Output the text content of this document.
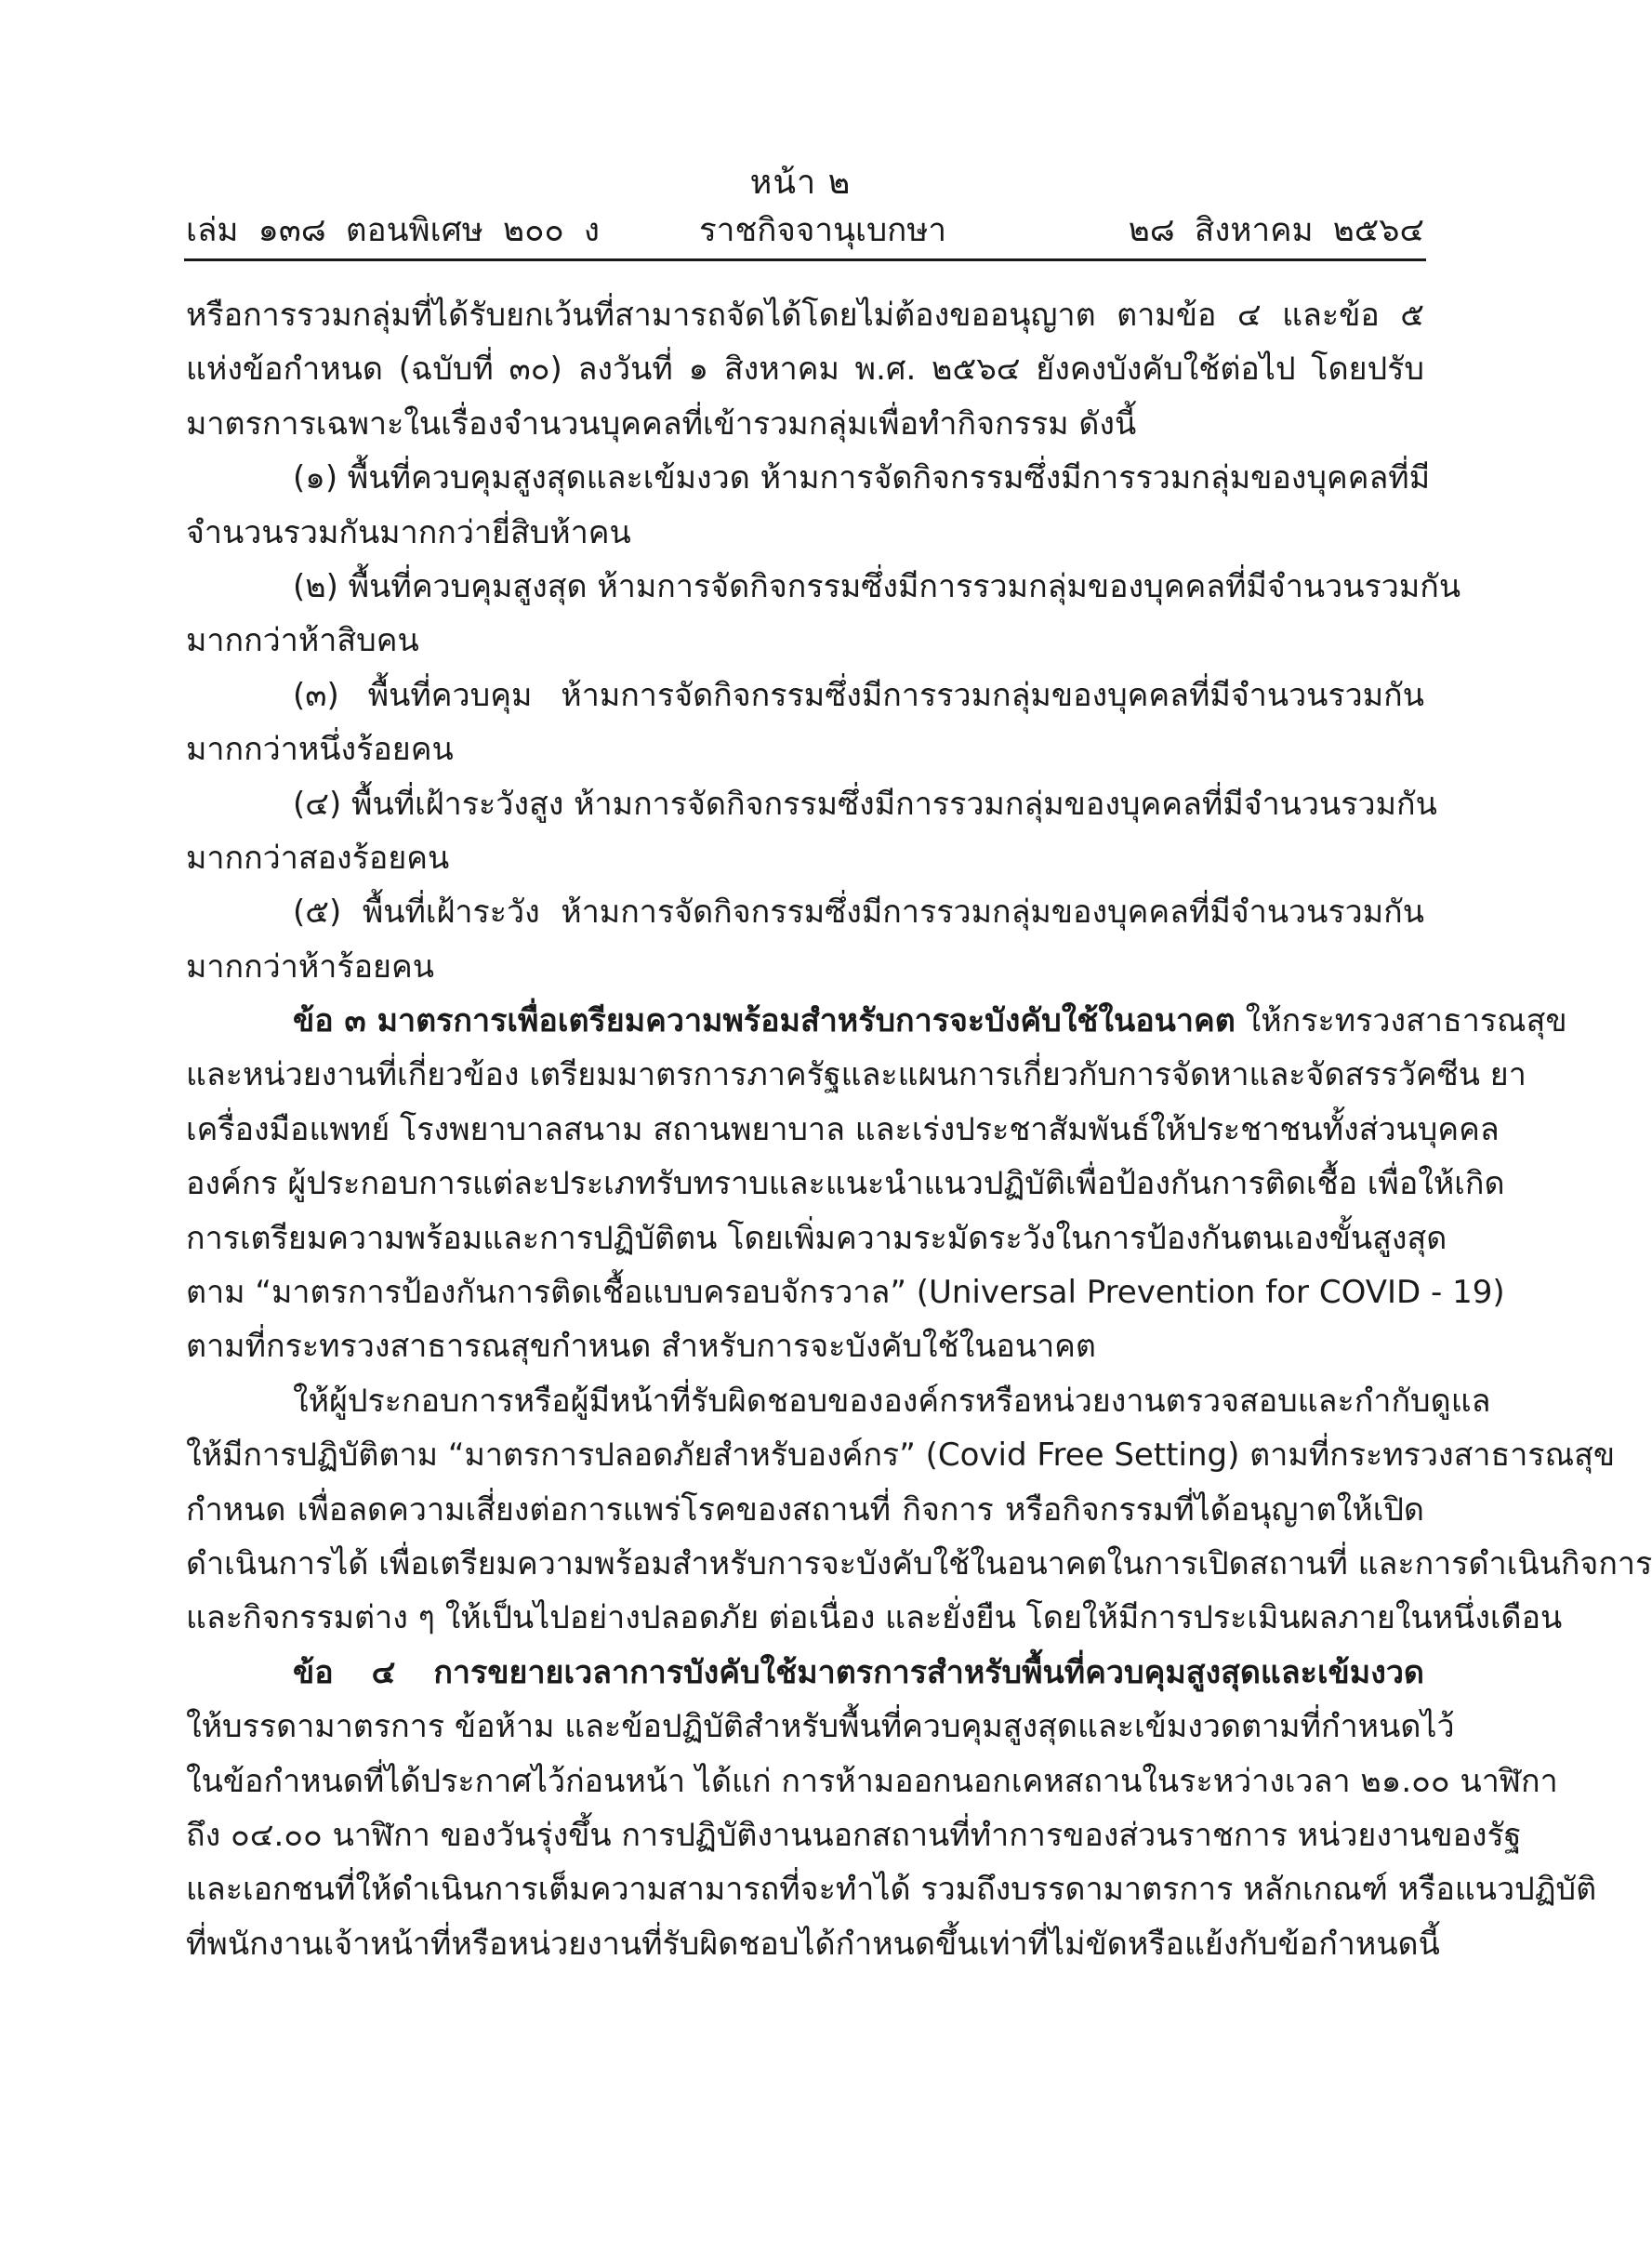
หน้า ๒
เล่ม ๑๓๘ ตอนพิเศษ ๒๐๐ ง	ราชกิจจานุเบกษา	๒๘ สิงหาคม ๒๕๖๔
หรือการรวมกลุ่มที่ได้รับยกเว้นที่สามารถจัดได้โดยไม่ต้องขออนุญาต ตามข้อ ๔ และข้อ ๕
แห่งข้อกำหนด (ฉบับที่ ๓๐) ลงวันที่ ๑ สิงหาคม พ.ศ. ๒๕๖๔ ยังคงบังคับใช้ต่อไป โดยปรับ
มาตรการเฉพาะในเรื่องจำนวนบุคคลที่เข้ารวมกลุ่มเพื่อทำกิจกรรม ดังนี้
(๑) พื้นที่ควบคุมสูงสุดและเข้มงวด ห้ามการจัดกิจกรรมซึ่งมีการรวมกลุ่มของบุคคลที่มี
จำนวนรวมกันมากกว่ายี่สิบห้าคน
(๒) พื้นที่ควบคุมสูงสุด ห้ามการจัดกิจกรรมซึ่งมีการรวมกลุ่มของบุคคลที่มีจำนวนรวมกัน
มากกว่าห้าสิบคน
(๓) พื้นที่ควบคุม ห้ามการจัดกิจกรรมซึ่งมีการรวมกลุ่มของบุคคลที่มีจำนวนรวมกัน
มากกว่าหนึ่งร้อยคน
(๔) พื้นที่เฝ้าระวังสูง ห้ามการจัดกิจกรรมซึ่งมีการรวมกลุ่มของบุคคลที่มีจำนวนรวมกัน
มากกว่าสองร้อยคน
(๕) พื้นที่เฝ้าระวัง ห้ามการจัดกิจกรรมซึ่งมีการรวมกลุ่มของบุคคลที่มีจำนวนรวมกัน
มากกว่าห้าร้อยคน
ข้อ ๓ มาตรการเพื่อเตรียมความพร้อมสำหรับการจะบังคับใช้ในอนาคต ให้กระทรวงสาธารณสุข
และหน่วยงานที่เกี่ยวข้อง เตรียมมาตรการภาครัฐและแผนการเกี่ยวกับการจัดหาและจัดสรรวัคซีน ยา
เครื่องมือแพทย์ โรงพยาบาลสนาม สถานพยาบาล และเร่งประชาสัมพันธ์ให้ประชาชนทั้งส่วนบุคคล
องค์กร ผู้ประกอบการแต่ละประเภทรับทราบและแนะนำแนวปฏิบัติเพื่อป้องกันการติดเชื้อ เพื่อให้เกิด
การเตรียมความพร้อมและการปฏิบัติตน โดยเพิ่มความระมัดระวังในการป้องกันตนเองขั้นสูงสุด
ตาม “มาตรการป้องกันการติดเชื้อแบบครอบจักรวาล” (Universal Prevention for COVID - 19)
ตามที่กระทรวงสาธารณสุขกำหนด สำหรับการจะบังคับใช้ในอนาคต
ให้ผู้ประกอบการหรือผู้มีหน้าที่รับผิดชอบขององค์กรหรือหน่วยงานตรวจสอบและกำกับดูแล
ให้มีการปฏิบัติตาม “มาตรการปลอดภัยสำหรับองค์กร” (Covid Free Setting) ตามที่กระทรวงสาธารณสุข
กำหนด เพื่อลดความเสี่ยงต่อการแพร่โรคของสถานที่ กิจการ หรือกิจกรรมที่ได้อนุญาตให้เปิด
ดำเนินการได้ เพื่อเตรียมความพร้อมสำหรับการจะบังคับใช้ในอนาคตในการเปิดสถานที่ และการดำเนินกิจการ
และกิจกรรมต่าง ๆ ให้เป็นไปอย่างปลอดภัย ต่อเนื่อง และยั่งยืน โดยให้มีการประเมินผลภายในหนึ่งเดือน
ข้อ ๔ การขยายเวลาการบังคับใช้มาตรการสำหรับพื้นที่ควบคุมสูงสุดและเข้มงวด
ให้บรรดามาตรการ ข้อห้าม และข้อปฏิบัติสำหรับพื้นที่ควบคุมสูงสุดและเข้มงวดตามที่กำหนดไว้
ในข้อกำหนดที่ได้ประกาศไว้ก่อนหน้า ได้แก่ การห้ามออกนอกเคหสถานในระหว่างเวลา ๒๑.๐๐ นาฬิกา
ถึง ๐๔.๐๐ นาฬิกา ของวันรุ่งขึ้น การปฏิบัติงานนอกสถานที่ทำการของส่วนราชการ หน่วยงานของรัฐ
และเอกชนที่ให้ดำเนินการเต็มความสามารถที่จะทำได้ รวมถึงบรรดามาตรการ หลักเกณฑ์ หรือแนวปฏิบัติ
ที่พนักงานเจ้าหน้าที่หรือหน่วยงานที่รับผิดชอบได้กำหนดขึ้นเท่าที่ไม่ขัดหรือแย้งกับข้อกำหนดนี้
